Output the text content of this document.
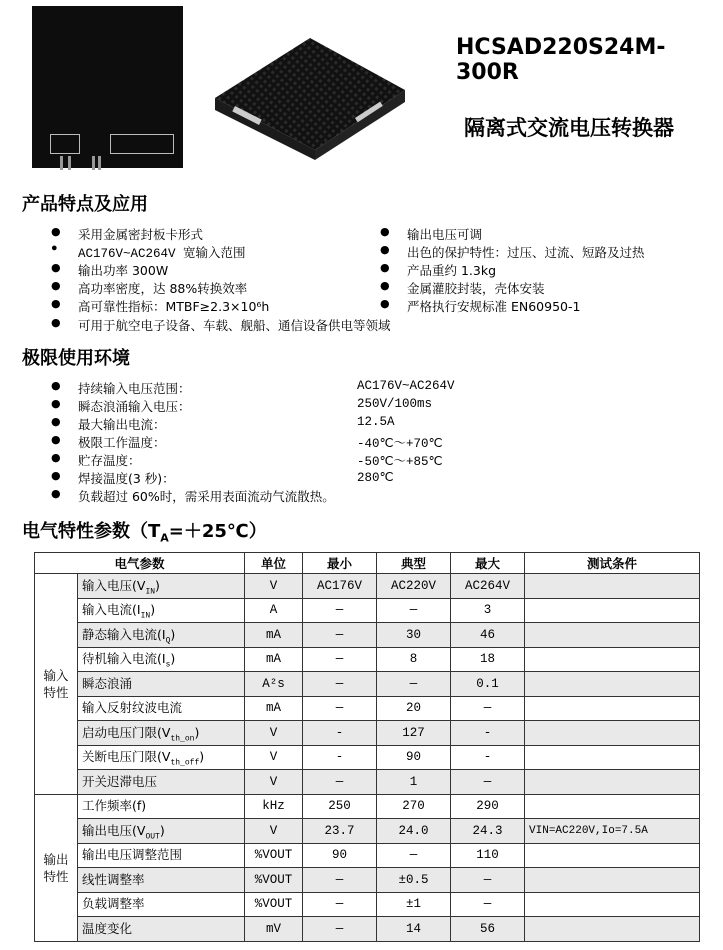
HCSAD220S24M-300R
隔离式交流电压转换器
产品特点及应用
● 采用金属密封板卡形式
● AC176V~AC264V 宽输入范围
● 输出功率 300W
● 高功率密度，达 88%转换效率
● 高可靠性指标：MTBF≥2.3×10⁶h
● 可用于航空电子设备、车载、舰船、通信设备供电等领域
● 输出电压可调
● 出色的保护特性：过压、过流、短路及过热
● 产品重约 1.3kg
● 金属灌胶封装，壳体安装
● 严格执行安规标准 EN60950-1
极限使用环境
● 持续输入电压范围：	AC176V~AC264V
● 瞬态浪涌输入电压：	250V/100ms
● 最大输出电流：	12.5A
● 极限工作温度：	-40℃～+70℃
● 贮存温度：	-50℃～+85℃
● 焊接温度(3 秒)：	280℃
● 负载超过 60%时，需采用表面流动气流散热。
电气特性参数$(T_A=+25℃)$
电气参数		单位	最小	典型	最大	测试条件
输入特性	输入电压$(V_{IN})$	V	AC176V	AC220V	AC264V	
	输入电流$(I_{IN})$	A	—	—	3	
	静态输入电流$(I_Q)$	mA	—	30	46	
	待机输入电流$(I_s)$	mA	—	8	18	
	瞬态浪涌	A²s	—	—	0.1	
	输入反射纹波电流	mA	—	20	—	
	启动电压门限$(V_{th\_on})$	V	-	127	-	
	关断电压门限$(V_{th\_off})$	V	-	90	-	
	开关迟滞电压	V	—	1	—	
输出特性	工作频率(f)	kHz	250	270	290	
	输出电压$(V_{OUT})$	V	23.7	24.0	24.3	VIN=AC220V,Io=7.5A
	输出电压调整范围	%VOUT	90	—	110	
	线性调整率	%VOUT	—	±0.5	—	
	负载调整率	%VOUT	—	±1	—	
	温度变化	mV	—	14	56	
